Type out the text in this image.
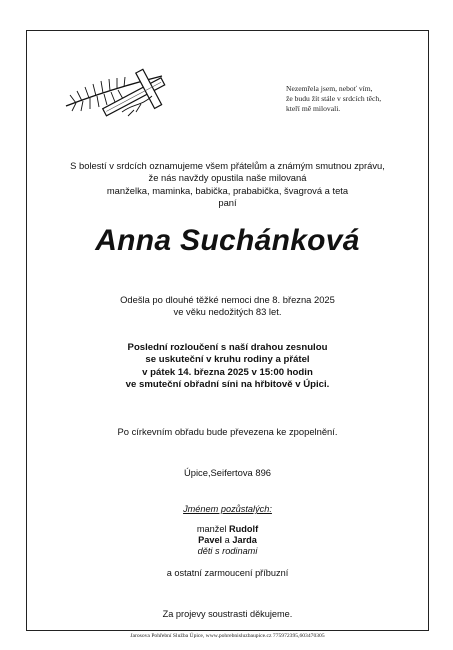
Nezemřela jsem, neboť vím,
že budu žít stále v srdcích těch,
kteří mě milovali.
S bolestí v srdcích oznamujeme všem přátelům a známým smutnou zprávu,
že nás navždy opustila naše milovaná
manželka, maminka, babička, prababička, švagrová a teta
paní
Anna Suchánková
Odešla po dlouhé těžké nemoci dne 8. března 2025
ve věku nedožitých 83 let.
Poslední rozloučení s naší drahou zesnulou
se uskuteční v kruhu rodiny a přátel
v pátek 14. března 2025 v 15:00 hodin
ve smuteční obřadní síni na hřbitově v Úpici.
Po církevním obřadu bude převezena ke zpopelnění.
Úpice,Seifertova 896
Jménem pozůstalých:
manžel Rudolf
Pavel a Jarda
děti s rodinami
a ostatní zarmoucení příbuzní
Za projevy soustrasti děkujeme.
Jarosova Pohřební Služba Úpice, www.pohrebnisluzbaupice.cz 775972395,603470305
